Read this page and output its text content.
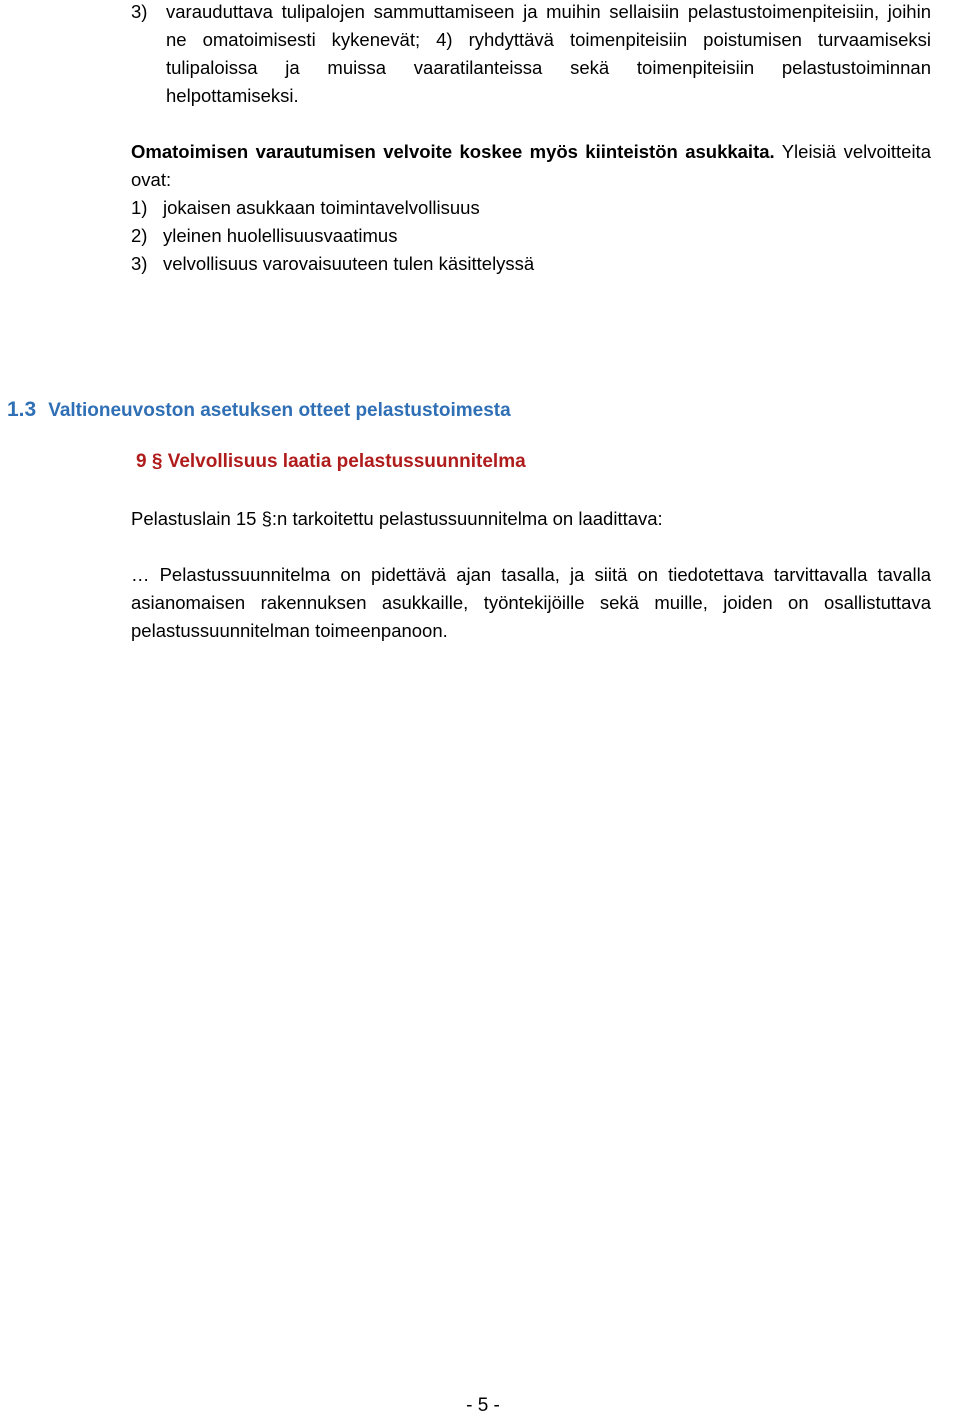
3) varauduttava tulipalojen sammuttamiseen ja muihin sellaisiin pelastustoimenpiteisiin, joihin ne omatoimisesti kykenevät; 4) ryhdyttävä toimenpiteisiin poistumisen turvaamiseksi tulipaloissa ja muissa vaaratilanteissa sekä toimenpiteisiin pelastustoiminnan helpottamiseksi.
Omatoimisen varautumisen velvoite koskee myös kiinteistön asukkaita. Yleisiä velvoitteita ovat:
1) jokaisen asukkaan toimintavelvollisuus
2) yleinen huolellisuusvaatimus
3) velvollisuus varovaisuuteen tulen käsittelyssä
1.3 Valtioneuvoston asetuksen otteet pelastustoimesta
9 § Velvollisuus laatia pelastussuunnitelma
Pelastuslain 15 §:n tarkoitettu pelastussuunnitelma on laadittava:
… Pelastussuunnitelma on pidettävä ajan tasalla, ja siitä on tiedotettava tarvittavalla tavalla asianomaisen rakennuksen asukkaille, työntekijöille sekä muille, joiden on osallistuttava pelastussuunnitelman toimeenpanoon.
- 5 -
